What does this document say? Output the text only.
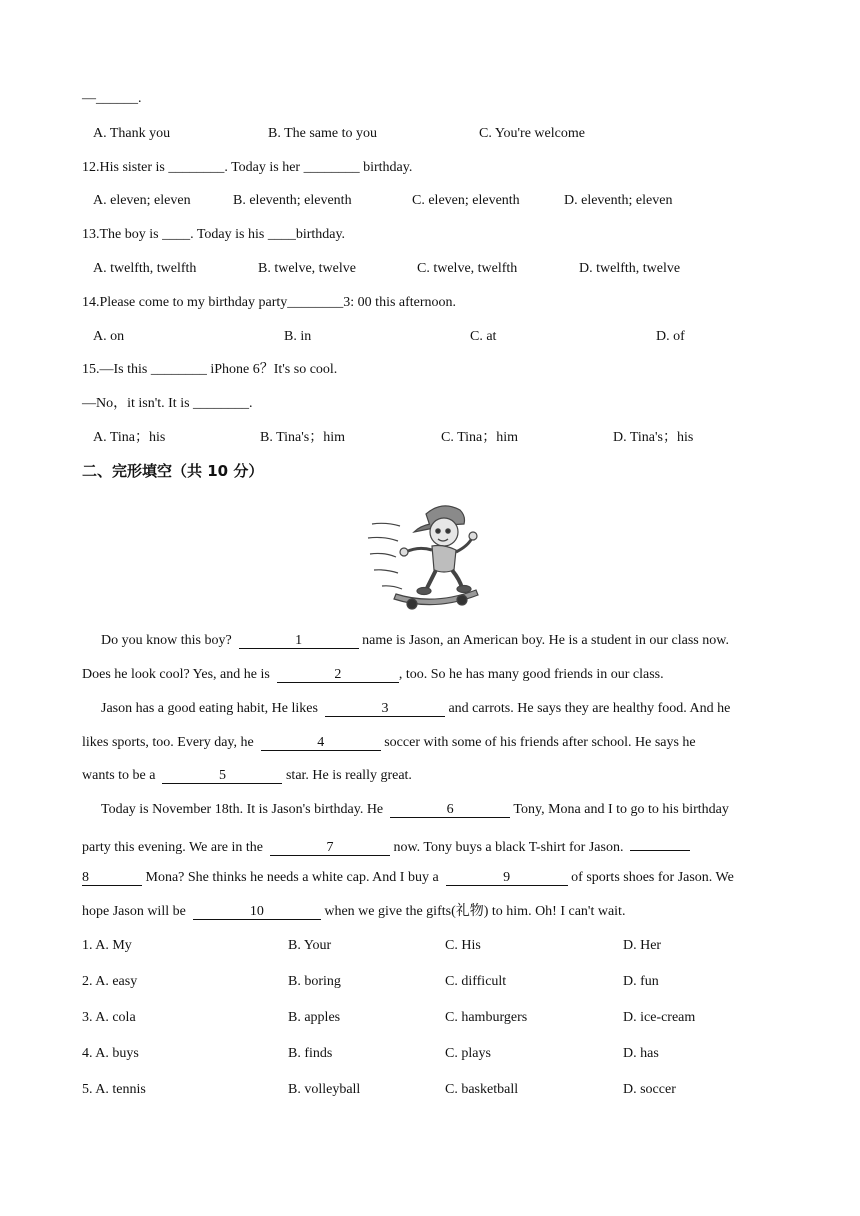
—______.
A. Thank you	B. The same to you	C. You're welcome
12.His sister is ________. Today is her ________ birthday.
A. eleven; eleven	B. eleventh; eleventh	C. eleven; eleventh	D. eleventh; eleven
13.The boy is ____. Today is his ____birthday.
A. twelfth, twelfth	B. twelve, twelve	C. twelve, twelfth	D. twelfth, twelve
14.Please come to my birthday party________3: 00 this afternoon.
A. on	B. in	C. at	D. of
15.—Is this ________ iPhone 6？It's so cool.
—No，it isn't. It is ________.
A. Tina；his	B. Tina's；him	C. Tina；him	D. Tina's；his
二、完形填空（共 10 分）
Do you know this boy?	1	name is Jason, an American boy. He is a student in our class now.
Does he look cool? Yes, and he is	2	, too. So he has many good friends in our class.
Jason has a good eating habit, He likes	3	and carrots. He says they are healthy food. And he
likes sports, too. Every day, he	4	soccer with some of his friends after school. He says he
wants to be a	5	star. He is really great.
Today is November 18th. It is Jason's birthday. He	6	Tony, Mona and I to go to his birthday
party this evening. We are in the	7	now. Tony buys a black T-shirt for Jason.
8	Mona? She thinks he needs a white cap. And I buy a	9	of sports shoes for Jason. We
hope Jason will be	10	when we give the gifts(礼物) to him. Oh! I can't wait.
1. A. My	B. Your	C. His	D. Her
2. A. easy	B. boring	C. difficult	D. fun
3. A. cola	B. apples	C. hamburgers	D. ice-cream
4. A. buys	B. finds	C. plays	D. has
5. A. tennis	B. volleyball	C. basketball	D. soccer
